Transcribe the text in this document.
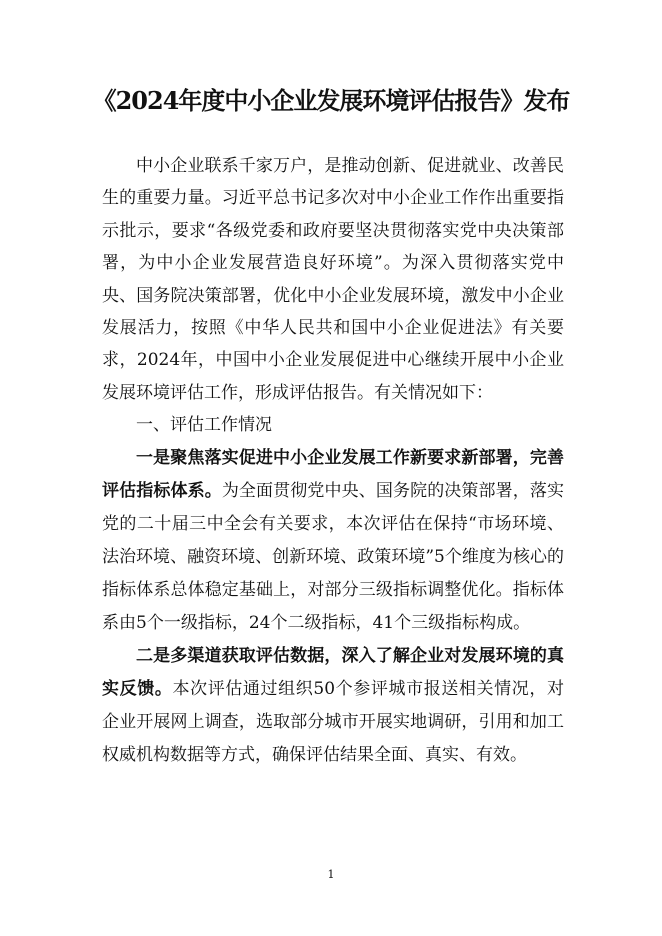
《2024年度中小企业发展环境评估报告》发布

中小企业联系千家万户，是推动创新、促进就业、改善民生的重要力量。习近平总书记多次对中小企业工作作出重要指示批示，要求“各级党委和政府要坚决贯彻落实党中央决策部署，为中小企业发展营造良好环境”。为深入贯彻落实党中央、国务院决策部署，优化中小企业发展环境，激发中小企业发展活力，按照《中华人民共和国中小企业促进法》有关要求，2024年，中国中小企业发展促进中心继续开展中小企业发展环境评估工作，形成评估报告。有关情况如下：

一、评估工作情况

一是聚焦落实促进中小企业发展工作新要求新部署，完善评估指标体系。为全面贯彻党中央、国务院的决策部署，落实党的二十届三中全会有关要求，本次评估在保持“市场环境、法治环境、融资环境、创新环境、政策环境”5个维度为核心的指标体系总体稳定基础上，对部分三级指标调整优化。指标体系由5个一级指标，24个二级指标，41个三级指标构成。

二是多渠道获取评估数据，深入了解企业对发展环境的真实反馈。本次评估通过组织50个参评城市报送相关情况，对企业开展网上调查，选取部分城市开展实地调研，引用和加工权威机构数据等方式，确保评估结果全面、真实、有效。

1
